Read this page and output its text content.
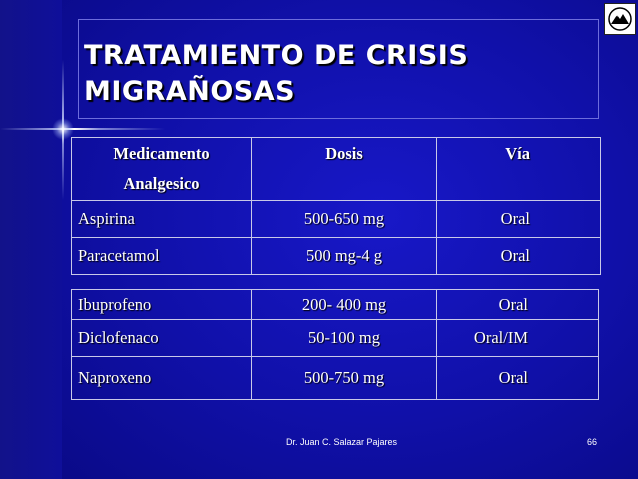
TRATAMIENTO DE CRISIS
MIGRAÑOSAS
Medicamento
Analgesico	Dosis	Vía
Aspirina	500-650 mg	Oral
Paracetamol	500 mg-4 g	Oral
Ibuprofeno	200- 400 mg	Oral
Diclofenaco	50-100 mg	Oral/IM
Naproxeno	500-750 mg	Oral
Dr. Juan C. Salazar Pajares	66
